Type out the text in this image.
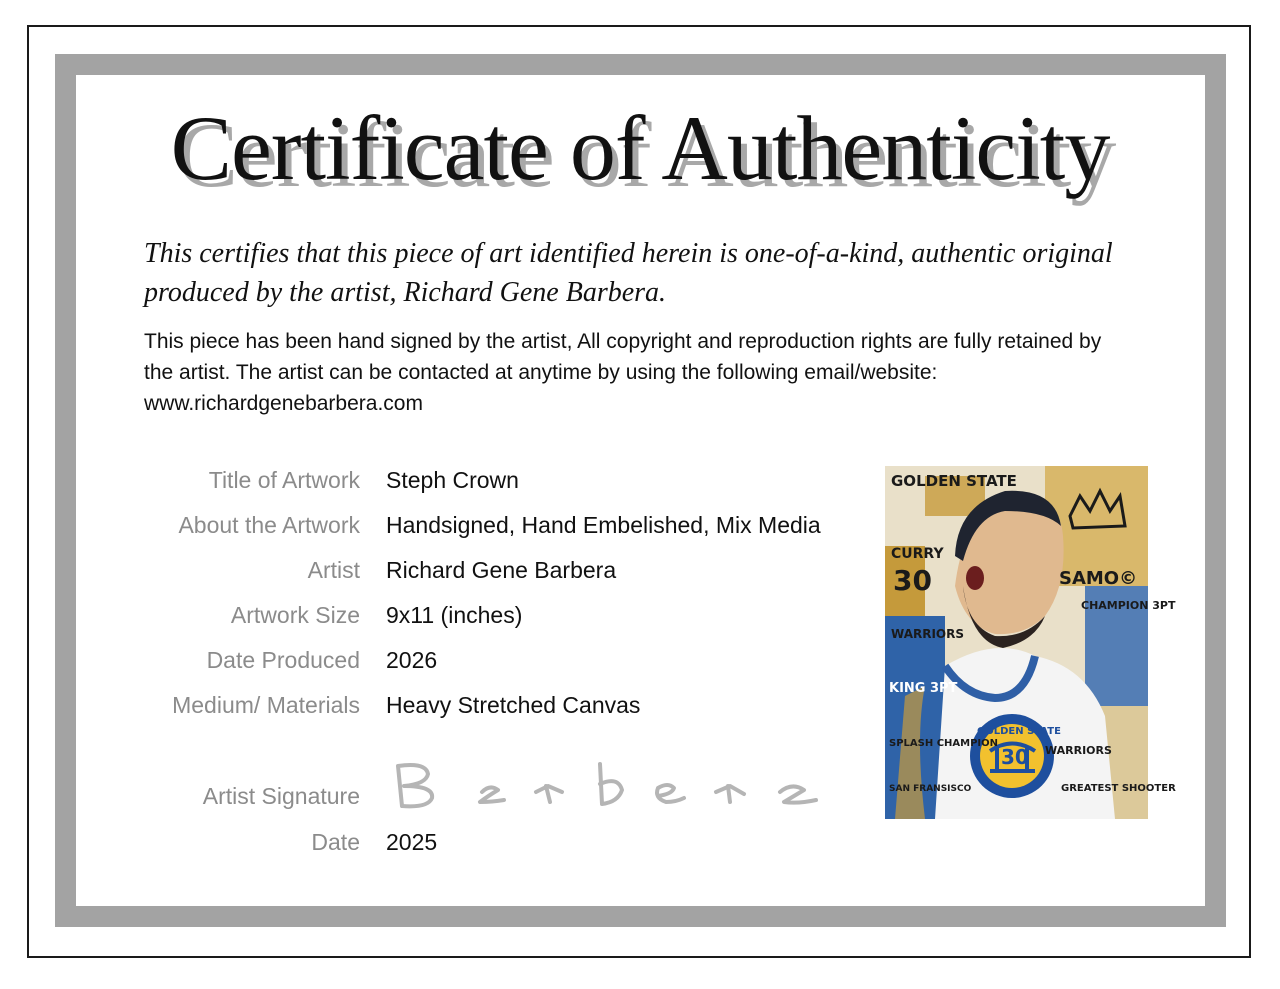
Certificate of Authenticity

This certifies that this piece of art identified herein is one-of-a-kind, authentic original produced by the artist, Richard Gene Barbera.

This piece has been hand signed by the artist, All copyright and reproduction rights are fully retained by the artist. The artist can be contacted at anytime by using the following email/website: www.richardgenebarbera.com

Title of Artwork Steph Crown
About the Artwork Handsigned, Hand Embelished, Mix Media
Artist Richard Gene Barbera
Artwork Size 9x11 (inches)
Date Produced 2026
Medium/ Materials Heavy Stretched Canvas
Artist Signature
Date 2025
GOLDEN STATE
CURRY
30	SAMO©
CHAMPION 3PT
WARRIORS
KING 3PT
SPLASH CHAMPION
SAN FRANSISCO
GOLDEN STATE
30 WARRIORS
GREATEST SHOOTER
